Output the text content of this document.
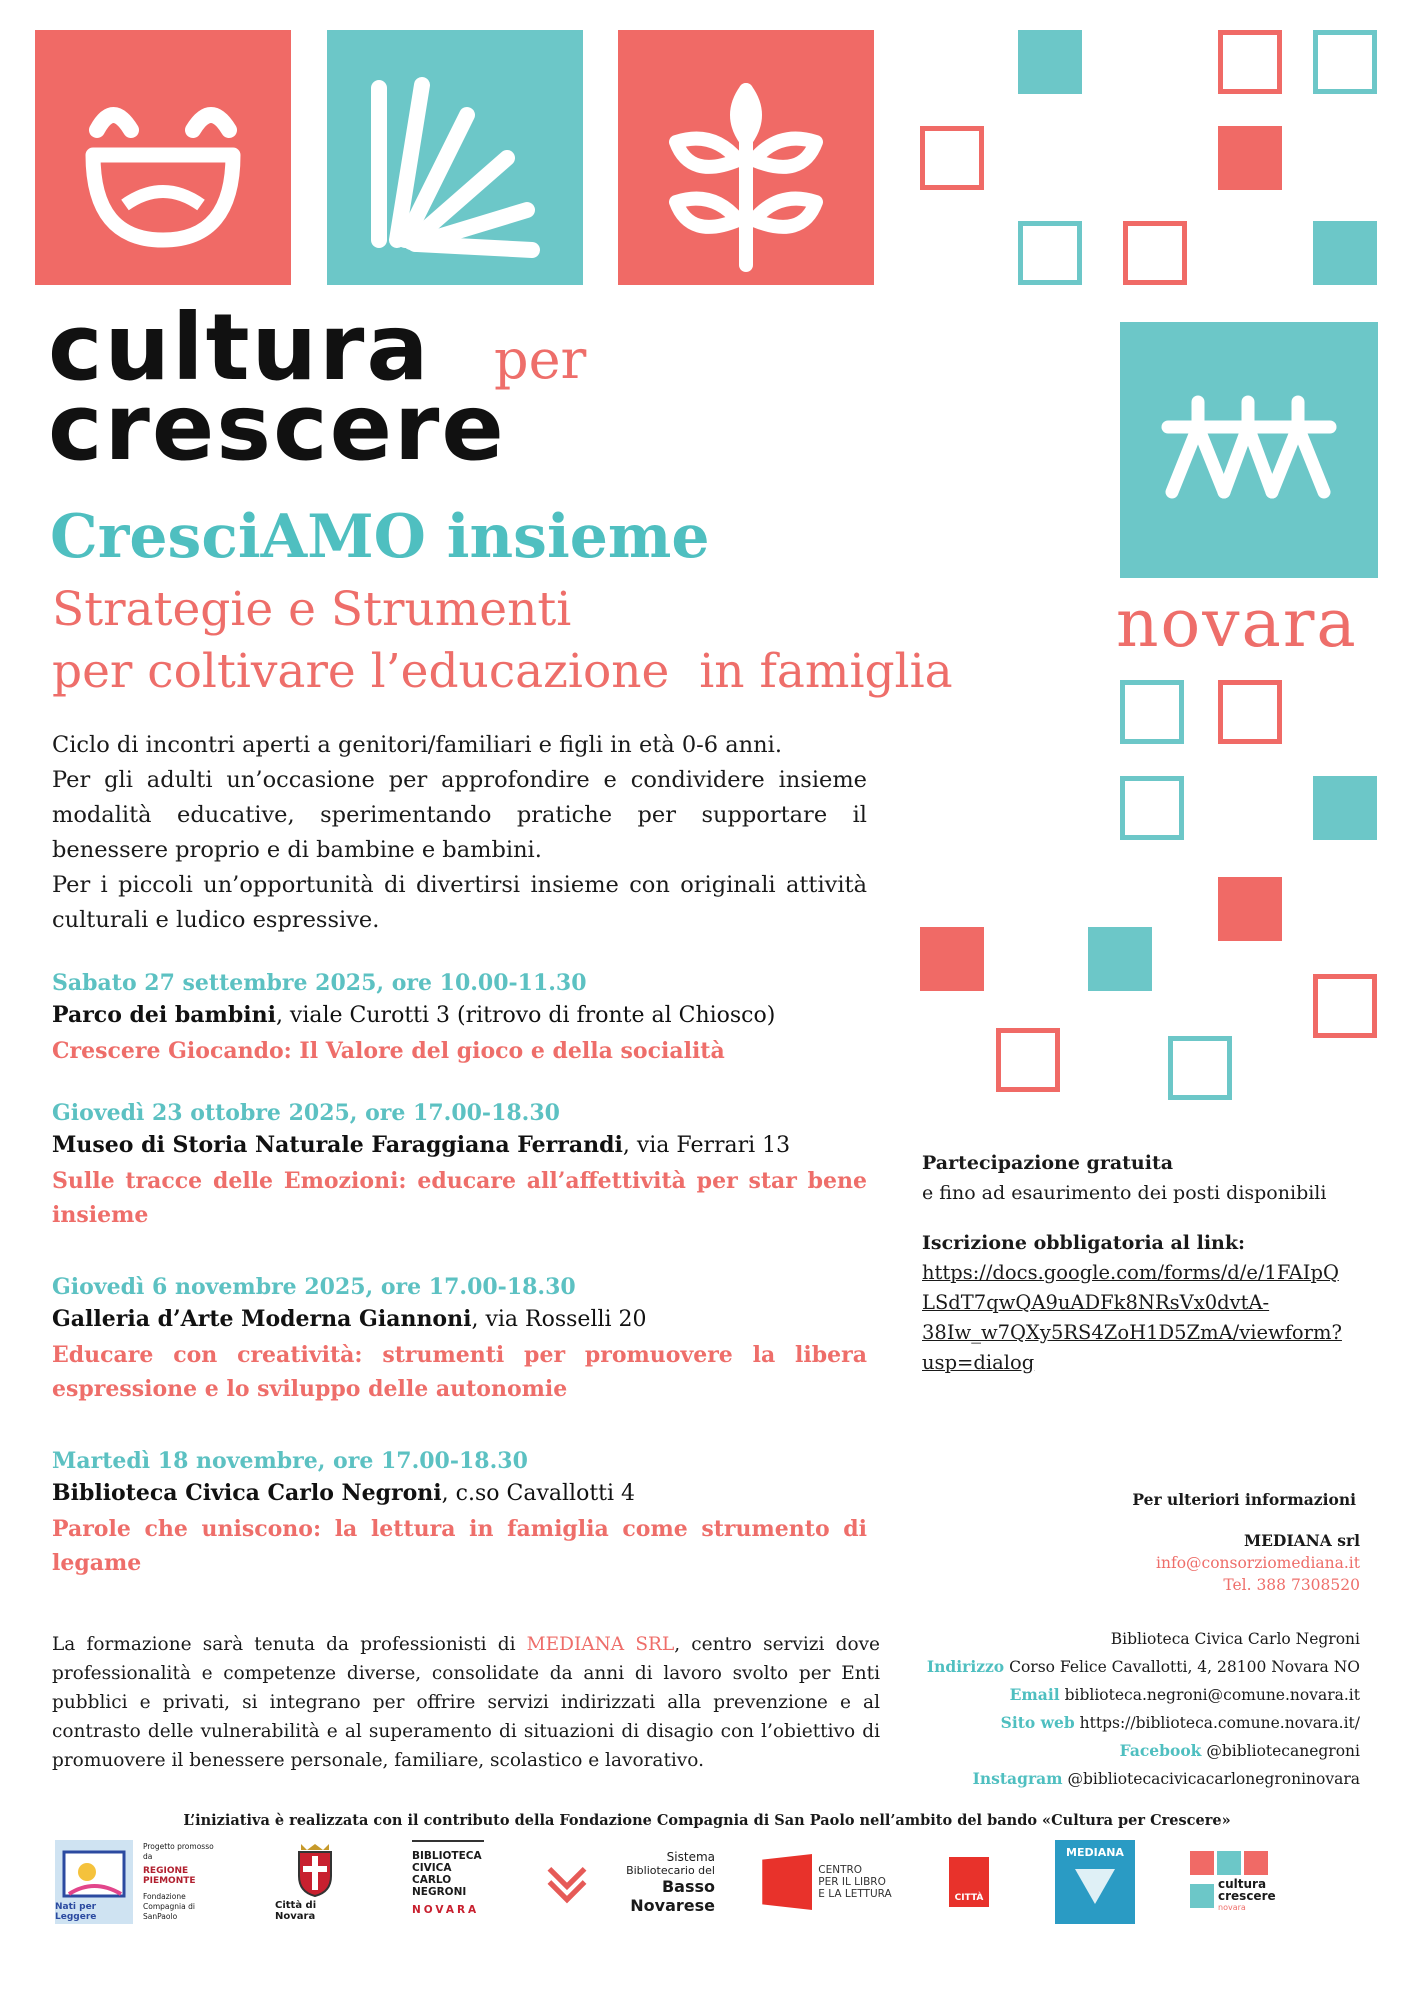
novara
cultura per
crescere
CresciAMO insieme
Strategie e Strumenti
per coltivare l’educazione  in famiglia

Ciclo di incontri aperti a genitori/familiari e figli in età 0-6 anni.

Per gli adulti un’occasione per approfondire e condividere insieme modalità educative, sperimentando pratiche per supportare il benessere proprio e di bambine e bambini.

Per i piccoli un’opportunità di divertirsi insieme con originali attività culturali e ludico espressive.

Sabato 27 settembre 2025, ore 10.00-11.30
Parco dei bambini, viale Curotti 3 (ritrovo di fronte al Chiosco)
Crescere Giocando: Il Valore del gioco e della socialità
Giovedì 23 ottobre 2025, ore 17.00-18.30
Museo di Storia Naturale Faraggiana Ferrandi, via Ferrari 13
Sulle tracce delle Emozioni: educare all’affettività per star bene insieme
Giovedì 6 novembre 2025, ore 17.00-18.30
Galleria d’Arte Moderna Giannoni, via Rosselli 20
Educare con creatività: strumenti per promuovere la libera espressione e lo sviluppo delle autonomie
Martedì 18 novembre, ore 17.00-18.30
Biblioteca Civica Carlo Negroni, c.so Cavallotti 4
Parole che uniscono: la lettura in famiglia come strumento di legame
Partecipazione gratuita
e fino ad esaurimento dei posti disponibili
Iscrizione obbligatoria al link:
https://docs.google.com/forms/d/e/1FAIpQ
LSdT7qwQA9uADFk8NRsVx0dvtA-
38Iw_w7QXy5RS4ZoH1D5ZmA/viewform?
usp=dialog
Per ulteriori informazioni
MEDIANA srl
info@consorziomediana.it
Tel. 388 7308520
Biblioteca Civica Carlo Negroni
Indirizzo Corso Felice Cavallotti, 4, 28100 Novara NO
Email biblioteca.negroni@comune.novara.it
Sito web https://biblioteca.comune.novara.it/
Facebook @bibliotecanegroni
Instagram @bibliotecacivicacarlonegroninovara
La formazione sarà tenuta da professionisti di MEDIANA SRL, centro servizi dove professionalità e competenze diverse, consolidate da anni di lavoro svolto per Enti pubblici e privati, si integrano per offrire servizi indirizzati alla prevenzione e al contrasto delle vulnerabilità e al superamento di situazioni di disagio con l’obiettivo di promuovere il benessere personale, familiare, scolastico e lavorativo.
L’iniziativa è realizzata con il contributo della Fondazione Compagnia di San Paolo nell’ambito del bando «Cultura per Crescere»
Nati per Leggere
Progetto promosso da
REGIONE PIEMONTE
Fondazione Compagnia di SanPaolo
Città di Novara
BIBLIOTECA
CIVICA
CARLO
NEGRONI
NOVARA
Sistema
Bibliotecario del
Basso Novarese
CENTRO
PER IL LIBRO
E LA LETTURA	CITTÀ
MEDIANA
cultura
crescere
novara
